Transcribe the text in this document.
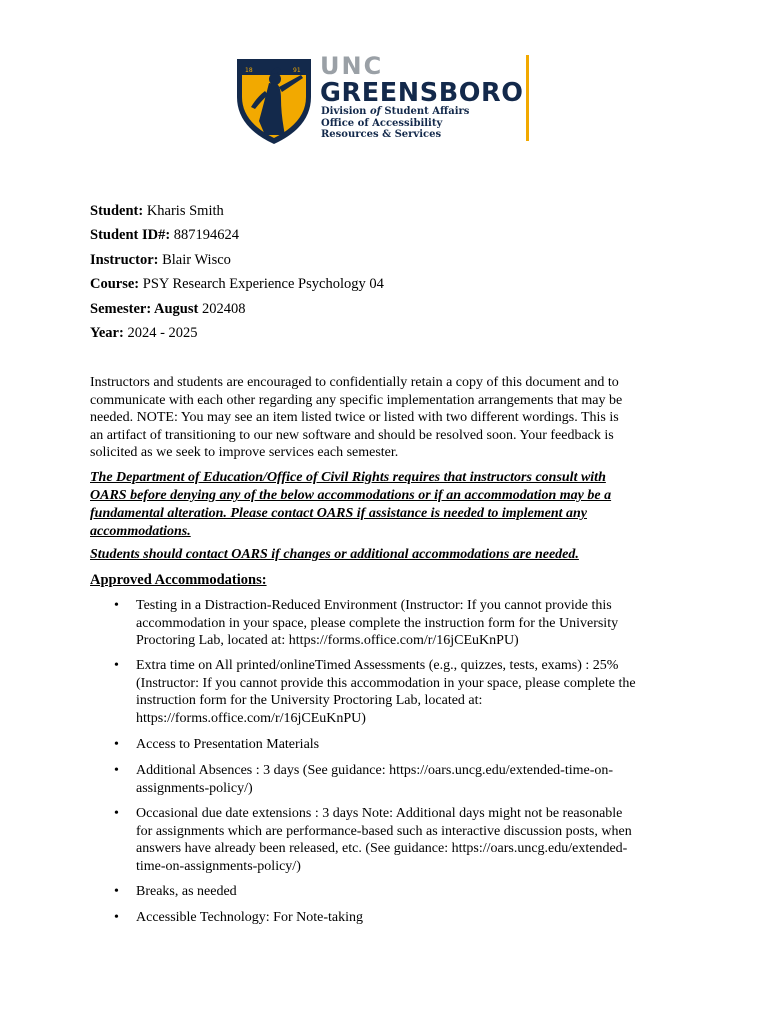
18	91 UNC
GREENSBORO
Division of Student Affairs
Office of Accessibility
Resources & Services
Student: Kharis Smith
Student ID#: 887194624
Instructor: Blair Wisco
Course: PSY Research Experience Psychology 04
Semester: August 202408
Year: 2024 - 2025
Instructors and students are encouraged to confidentially retain a copy of this document and to
communicate with each other regarding any specific implementation arrangements that may be
needed. NOTE: You may see an item listed twice or listed with two different wordings. This is
an artifact of transitioning to our new software and should be resolved soon. Your feedback is
solicited as we seek to improve services each semester.
The Department of Education/Office of Civil Rights requires that instructors consult with
OARS before denying any of the below accommodations or if an accommodation may be a
fundamental alteration. Please contact OARS if assistance is needed to implement any
accommodations.
Students should contact OARS if changes or additional accommodations are needed.
Approved Accommodations:
• Testing in a Distraction-Reduced Environment (Instructor: If you cannot provide this
accommodation in your space, please complete the instruction form for the University
Proctoring Lab, located at: https://forms.office.com/r/16jCEuKnPU)
• Extra time on All printed/onlineTimed Assessments (e.g., quizzes, tests, exams) : 25%
(Instructor: If you cannot provide this accommodation in your space, please complete the
instruction form for the University Proctoring Lab, located at:
https://forms.office.com/r/16jCEuKnPU)
• Access to Presentation Materials
• Additional Absences : 3 days (See guidance: https://oars.uncg.edu/extended-time-on-
assignments-policy/)
• Occasional due date extensions : 3 days Note: Additional days might not be reasonable
for assignments which are performance-based such as interactive discussion posts, when
answers have already been released, etc. (See guidance: https://oars.uncg.edu/extended-
time-on-assignments-policy/)
• Breaks, as needed
• Accessible Technology: For Note-taking
